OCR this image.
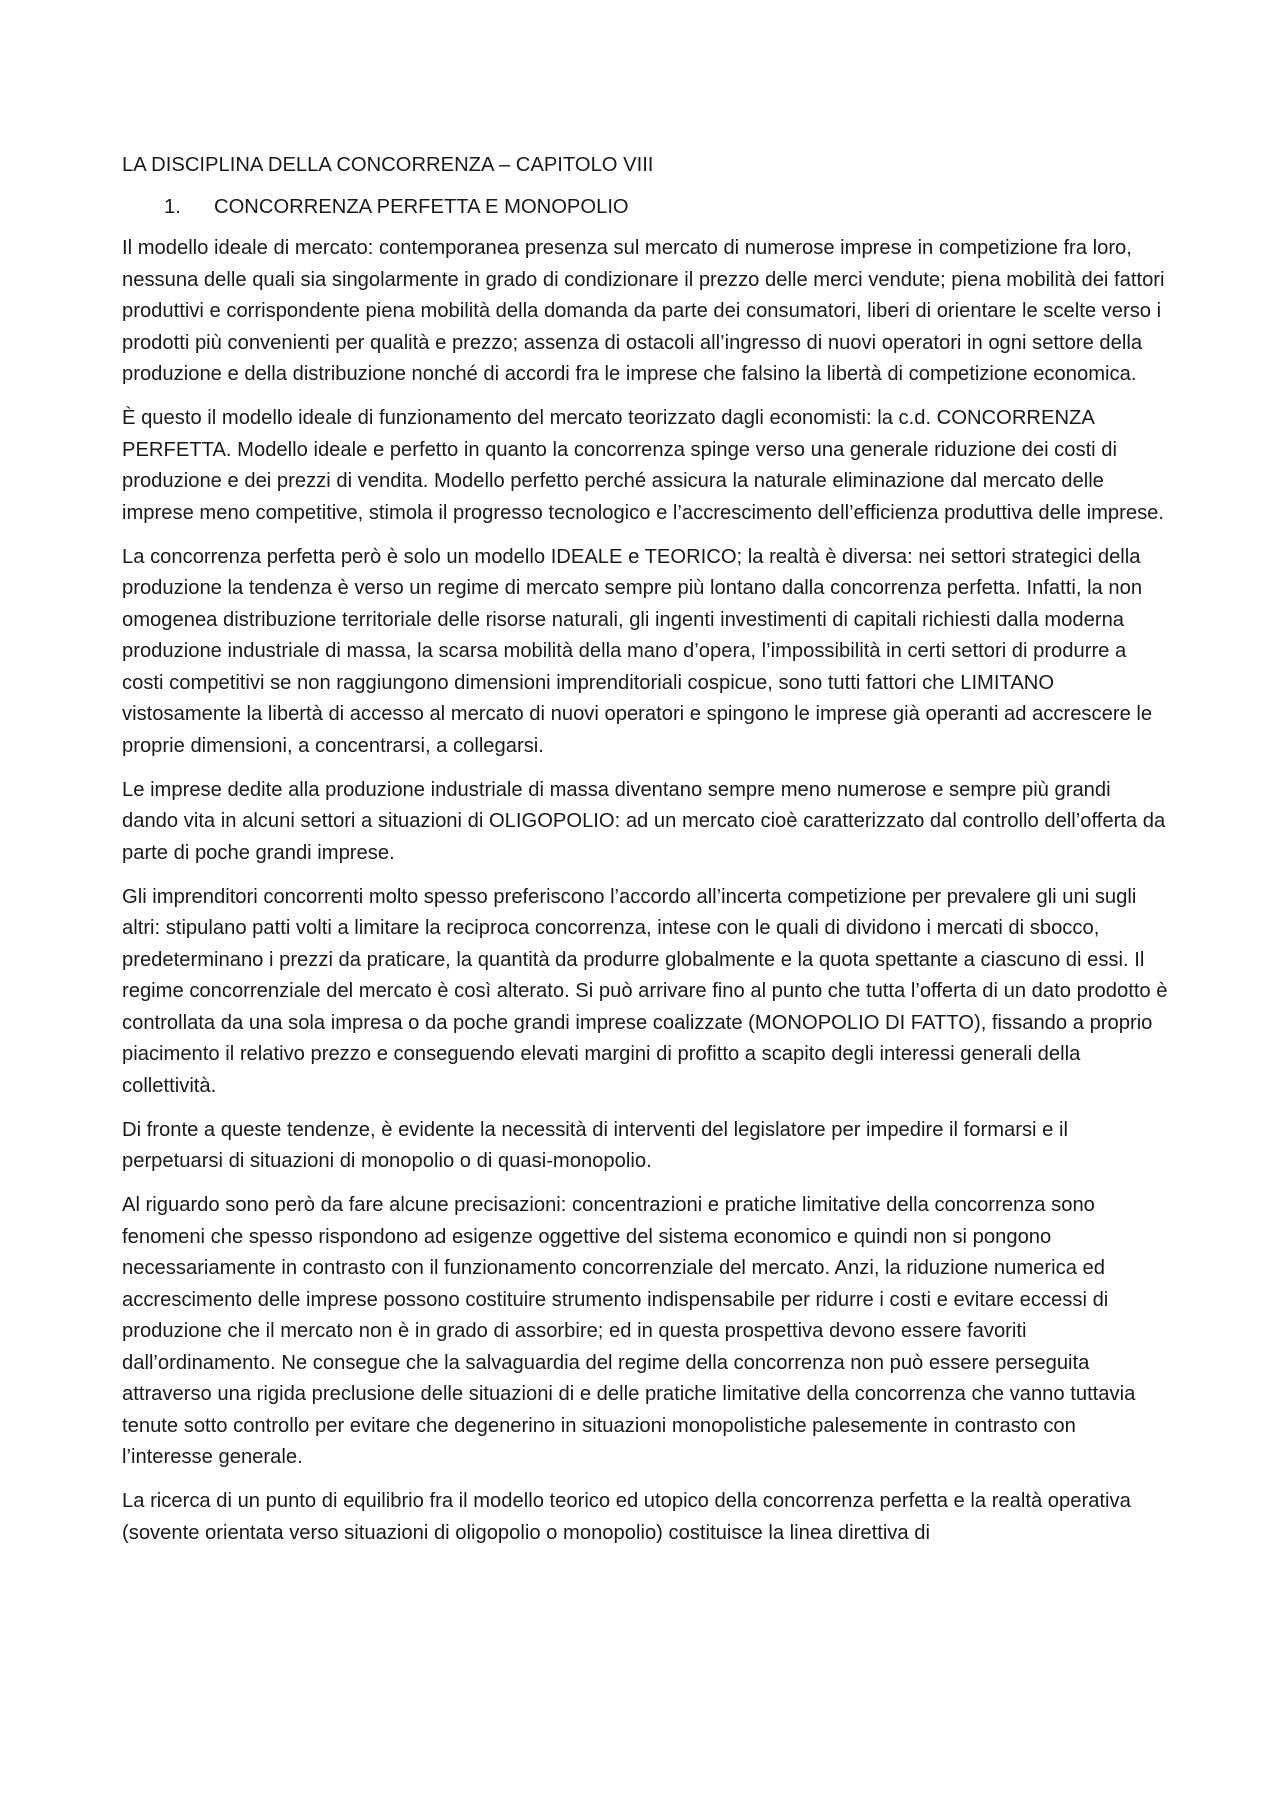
LA DISCIPLINA DELLA CONCORRENZA – CAPITOLO VIII
1.	CONCORRENZA PERFETTA E MONOPOLIO

Il modello ideale di mercato: contemporanea presenza sul mercato di numerose imprese in competizione fra loro, nessuna delle quali sia singolarmente in grado di condizionare il prezzo delle merci vendute; piena mobilità dei fattori produttivi e corrispondente piena mobilità della domanda da parte dei consumatori, liberi di orientare le scelte verso i prodotti più convenienti per qualità e prezzo; assenza di ostacoli all’ingresso di nuovi operatori in ogni settore della produzione e della distribuzione nonché di accordi fra le imprese che falsino la libertà di competizione economica.

È questo il modello ideale di funzionamento del mercato teorizzato dagli economisti: la c.d. CONCORRENZA PERFETTA. Modello ideale e perfetto in quanto la concorrenza spinge verso una generale riduzione dei costi di produzione e dei prezzi di vendita. Modello perfetto perché assicura la naturale eliminazione dal mercato delle imprese meno competitive, stimola il progresso tecnologico e l’accrescimento dell’efficienza produttiva delle imprese.

La concorrenza perfetta però è solo un modello IDEALE e TEORICO; la realtà è diversa: nei settori strategici della produzione la tendenza è verso un regime di mercato sempre più lontano dalla concorrenza perfetta. Infatti, la non omogenea distribuzione territoriale delle risorse naturali, gli ingenti investimenti di capitali richiesti dalla moderna produzione industriale di massa, la scarsa mobilità della mano d’opera, l’impossibilità in certi settori di produrre a costi competitivi se non raggiungono dimensioni imprenditoriali cospicue, sono tutti fattori che LIMITANO vistosamente la libertà di accesso al mercato di nuovi operatori e spingono le imprese già operanti ad accrescere le proprie dimensioni, a concentrarsi, a collegarsi.

Le imprese dedite alla produzione industriale di massa diventano sempre meno numerose e sempre più grandi dando vita in alcuni settori a situazioni di OLIGOPOLIO: ad un mercato cioè caratterizzato dal controllo dell’offerta da parte di poche grandi imprese.

Gli imprenditori concorrenti molto spesso preferiscono l’accordo all’incerta competizione per prevalere gli uni sugli altri: stipulano patti volti a limitare la reciproca concorrenza, intese con le quali di dividono i mercati di sbocco, predeterminano i prezzi da praticare, la quantità da produrre globalmente e la quota spettante a ciascuno di essi. Il regime concorrenziale del mercato è così alterato. Si può arrivare fino al punto che tutta l’offerta di un dato prodotto è controllata da una sola impresa o da poche grandi imprese coalizzate (MONOPOLIO DI FATTO), fissando a proprio piacimento il relativo prezzo e conseguendo elevati margini di profitto a scapito degli interessi generali della collettività.

Di fronte a queste tendenze, è evidente la necessità di interventi del legislatore per impedire il formarsi e il perpetuarsi di situazioni di monopolio o di quasi-monopolio.

Al riguardo sono però da fare alcune precisazioni: concentrazioni e pratiche limitative della concorrenza sono fenomeni che spesso rispondono ad esigenze oggettive del sistema economico e quindi non si pongono necessariamente in contrasto con il funzionamento concorrenziale del mercato. Anzi, la riduzione numerica ed accrescimento delle imprese possono costituire strumento indispensabile per ridurre i costi e evitare eccessi di produzione che il mercato non è in grado di assorbire; ed in questa prospettiva devono essere favoriti dall’ordinamento. Ne consegue che la salvaguardia del regime della concorrenza non può essere perseguita attraverso una rigida preclusione delle situazioni di e delle pratiche limitative della concorrenza che vanno tuttavia tenute sotto controllo per evitare che degenerino in situazioni monopolistiche palesemente in contrasto con l’interesse generale.

La ricerca di un punto di equilibrio fra il modello teorico ed utopico della concorrenza perfetta e la realtà operativa (sovente orientata verso situazioni di oligopolio o monopolio) costituisce la linea direttiva di
